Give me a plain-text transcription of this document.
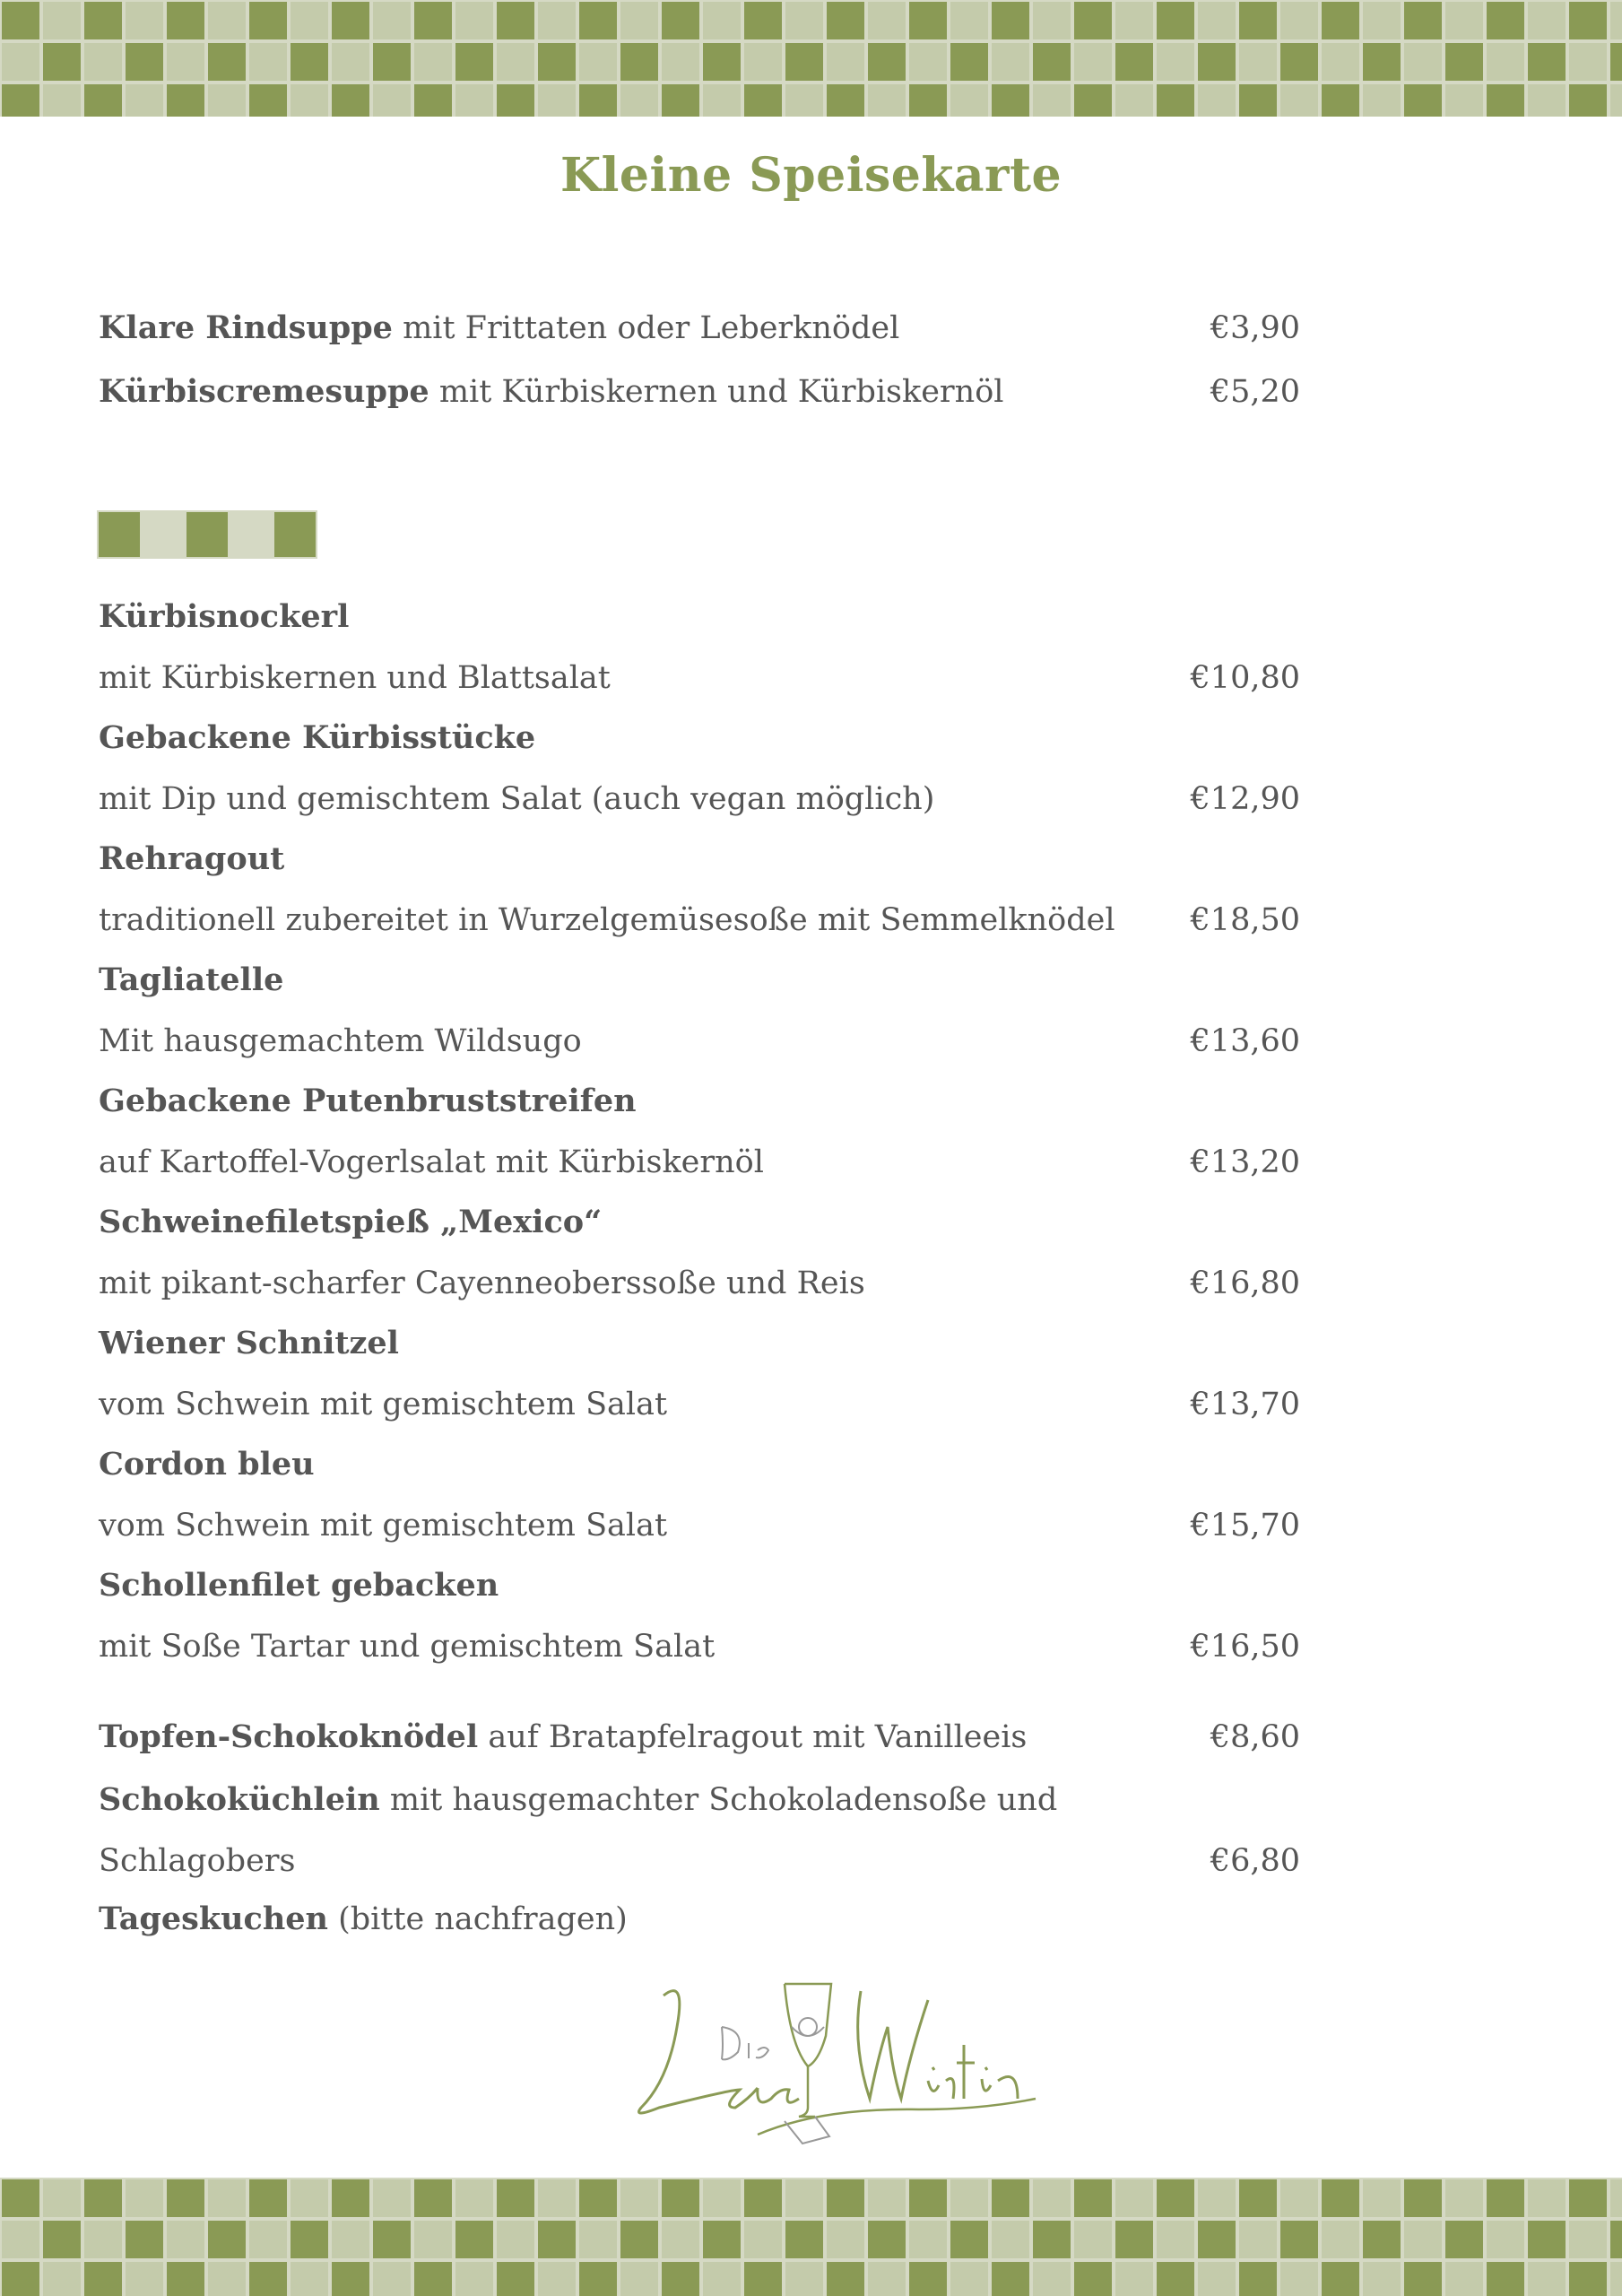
Kleine Speisekarte
Klare Rindsuppe mit Frittaten oder Leberknödel	€3,90
Kürbiscremesuppe mit Kürbiskernen und Kürbiskernöl	€5,20
Kürbisnockerl
mit Kürbiskernen und Blattsalat	€10,80
Gebackene Kürbisstücke
mit Dip und gemischtem Salat (auch vegan möglich)	€12,90
Rehragout
traditionell zubereitet in Wurzelgemüsesoße mit Semmelknödel €18,50
Tagliatelle
Mit hausgemachtem Wildsugo	€13,60
Gebackene Putenbruststreifen
auf Kartoffel-Vogerlsalat mit Kürbiskernöl	€13,20
Schweinefiletspieß „Mexico“
mit pikant-scharfer Cayenneoberssoße und Reis	€16,80
Wiener Schnitzel
vom Schwein mit gemischtem Salat	€13,70
Cordon bleu
vom Schwein mit gemischtem Salat	€15,70
Schollenfilet gebacken
mit Soße Tartar und gemischtem Salat	€16,50
Topfen-Schokoknödel auf Bratapfelragout mit Vanilleeis	€8,60
Schokoküchlein mit hausgemachter Schokoladensoße und
Schlagobers	€6,80
Tageskuchen (bitte nachfragen)
